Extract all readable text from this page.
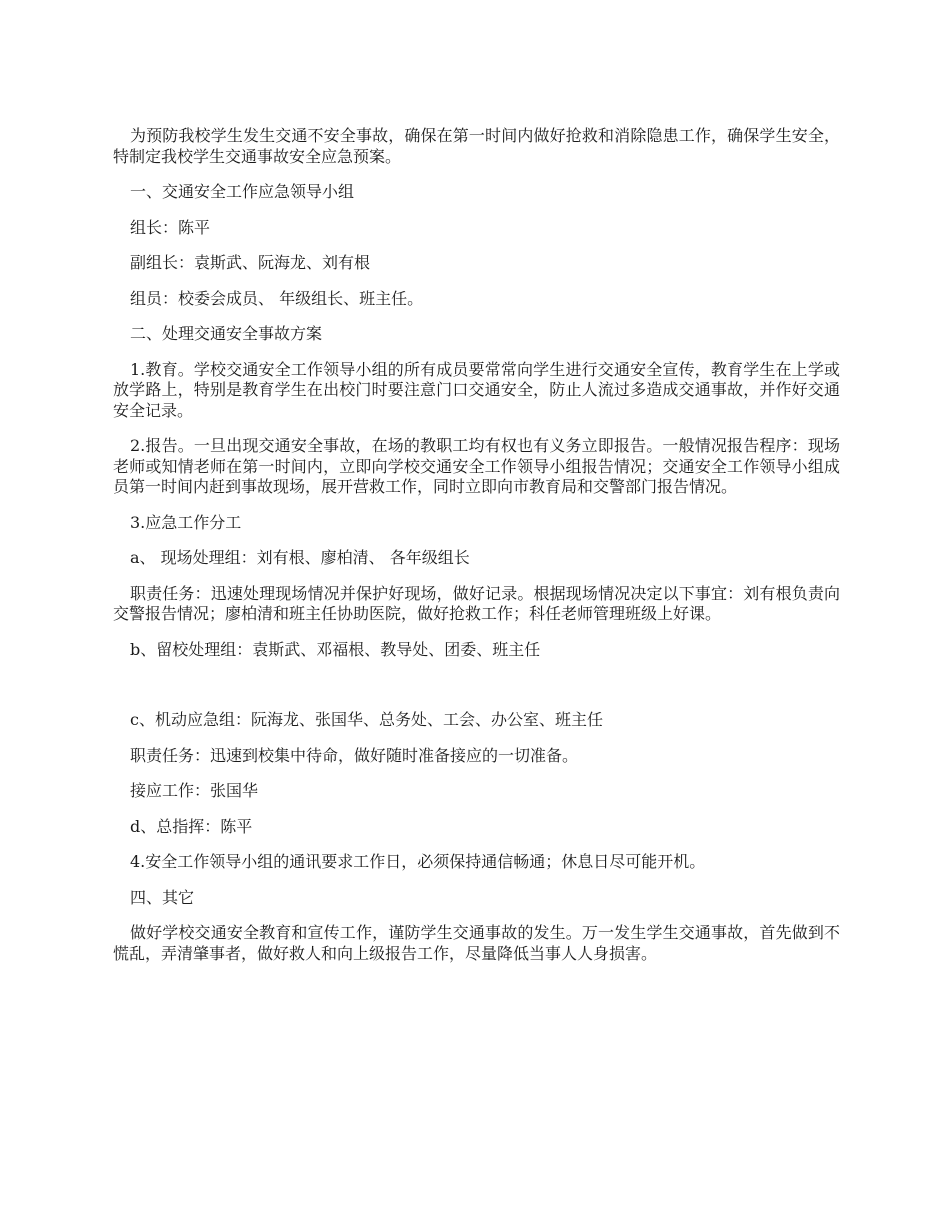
为预防我校学生发生交通不安全事故，确保在第一时间内做好抢救和消除隐患工作，确保学生安全，特制定我校学生交通事故安全应急预案。

一、交通安全工作应急领导小组

组长：陈平

副组长：袁斯武、阮海龙、刘有根

组员：校委会成员、 年级组长、班主任。

二、处理交通安全事故方案

1.教育。学校交通安全工作领导小组的所有成员要常常向学生进行交通安全宣传，教育学生在上学或放学路上，特别是教育学生在出校门时要注意门口交通安全，防止人流过多造成交通事故，并作好交通安全记录。

2.报告。一旦出现交通安全事故，在场的教职工均有权也有义务立即报告。一般情况报告程序：现场老师或知情老师在第一时间内，立即向学校交通安全工作领导小组报告情况；交通安全工作领导小组成员第一时间内赶到事故现场，展开营救工作，同时立即向市教育局和交警部门报告情况。

3.应急工作分工

a、 现场处理组：刘有根、廖柏清、 各年级组长

职责任务：迅速处理现场情况并保护好现场，做好记录。根据现场情况决定以下事宜：刘有根负责向交警报告情况；廖柏清和班主任协助医院，做好抢救工作；科任老师管理班级上好课。

b、留校处理组：袁斯武、邓福根、教导处、团委、班主任

c、机动应急组：阮海龙、张国华、总务处、工会、办公室、班主任

职责任务：迅速到校集中待命，做好随时准备接应的一切准备。

接应工作：张国华

d、总指挥：陈平

4.安全工作领导小组的通讯要求工作日，必须保持通信畅通；休息日尽可能开机。

四、其它

做好学校交通安全教育和宣传工作，谨防学生交通事故的发生。万一发生学生交通事故，首先做到不慌乱，弄清肇事者，做好救人和向上级报告工作，尽量降低当事人人身损害。
